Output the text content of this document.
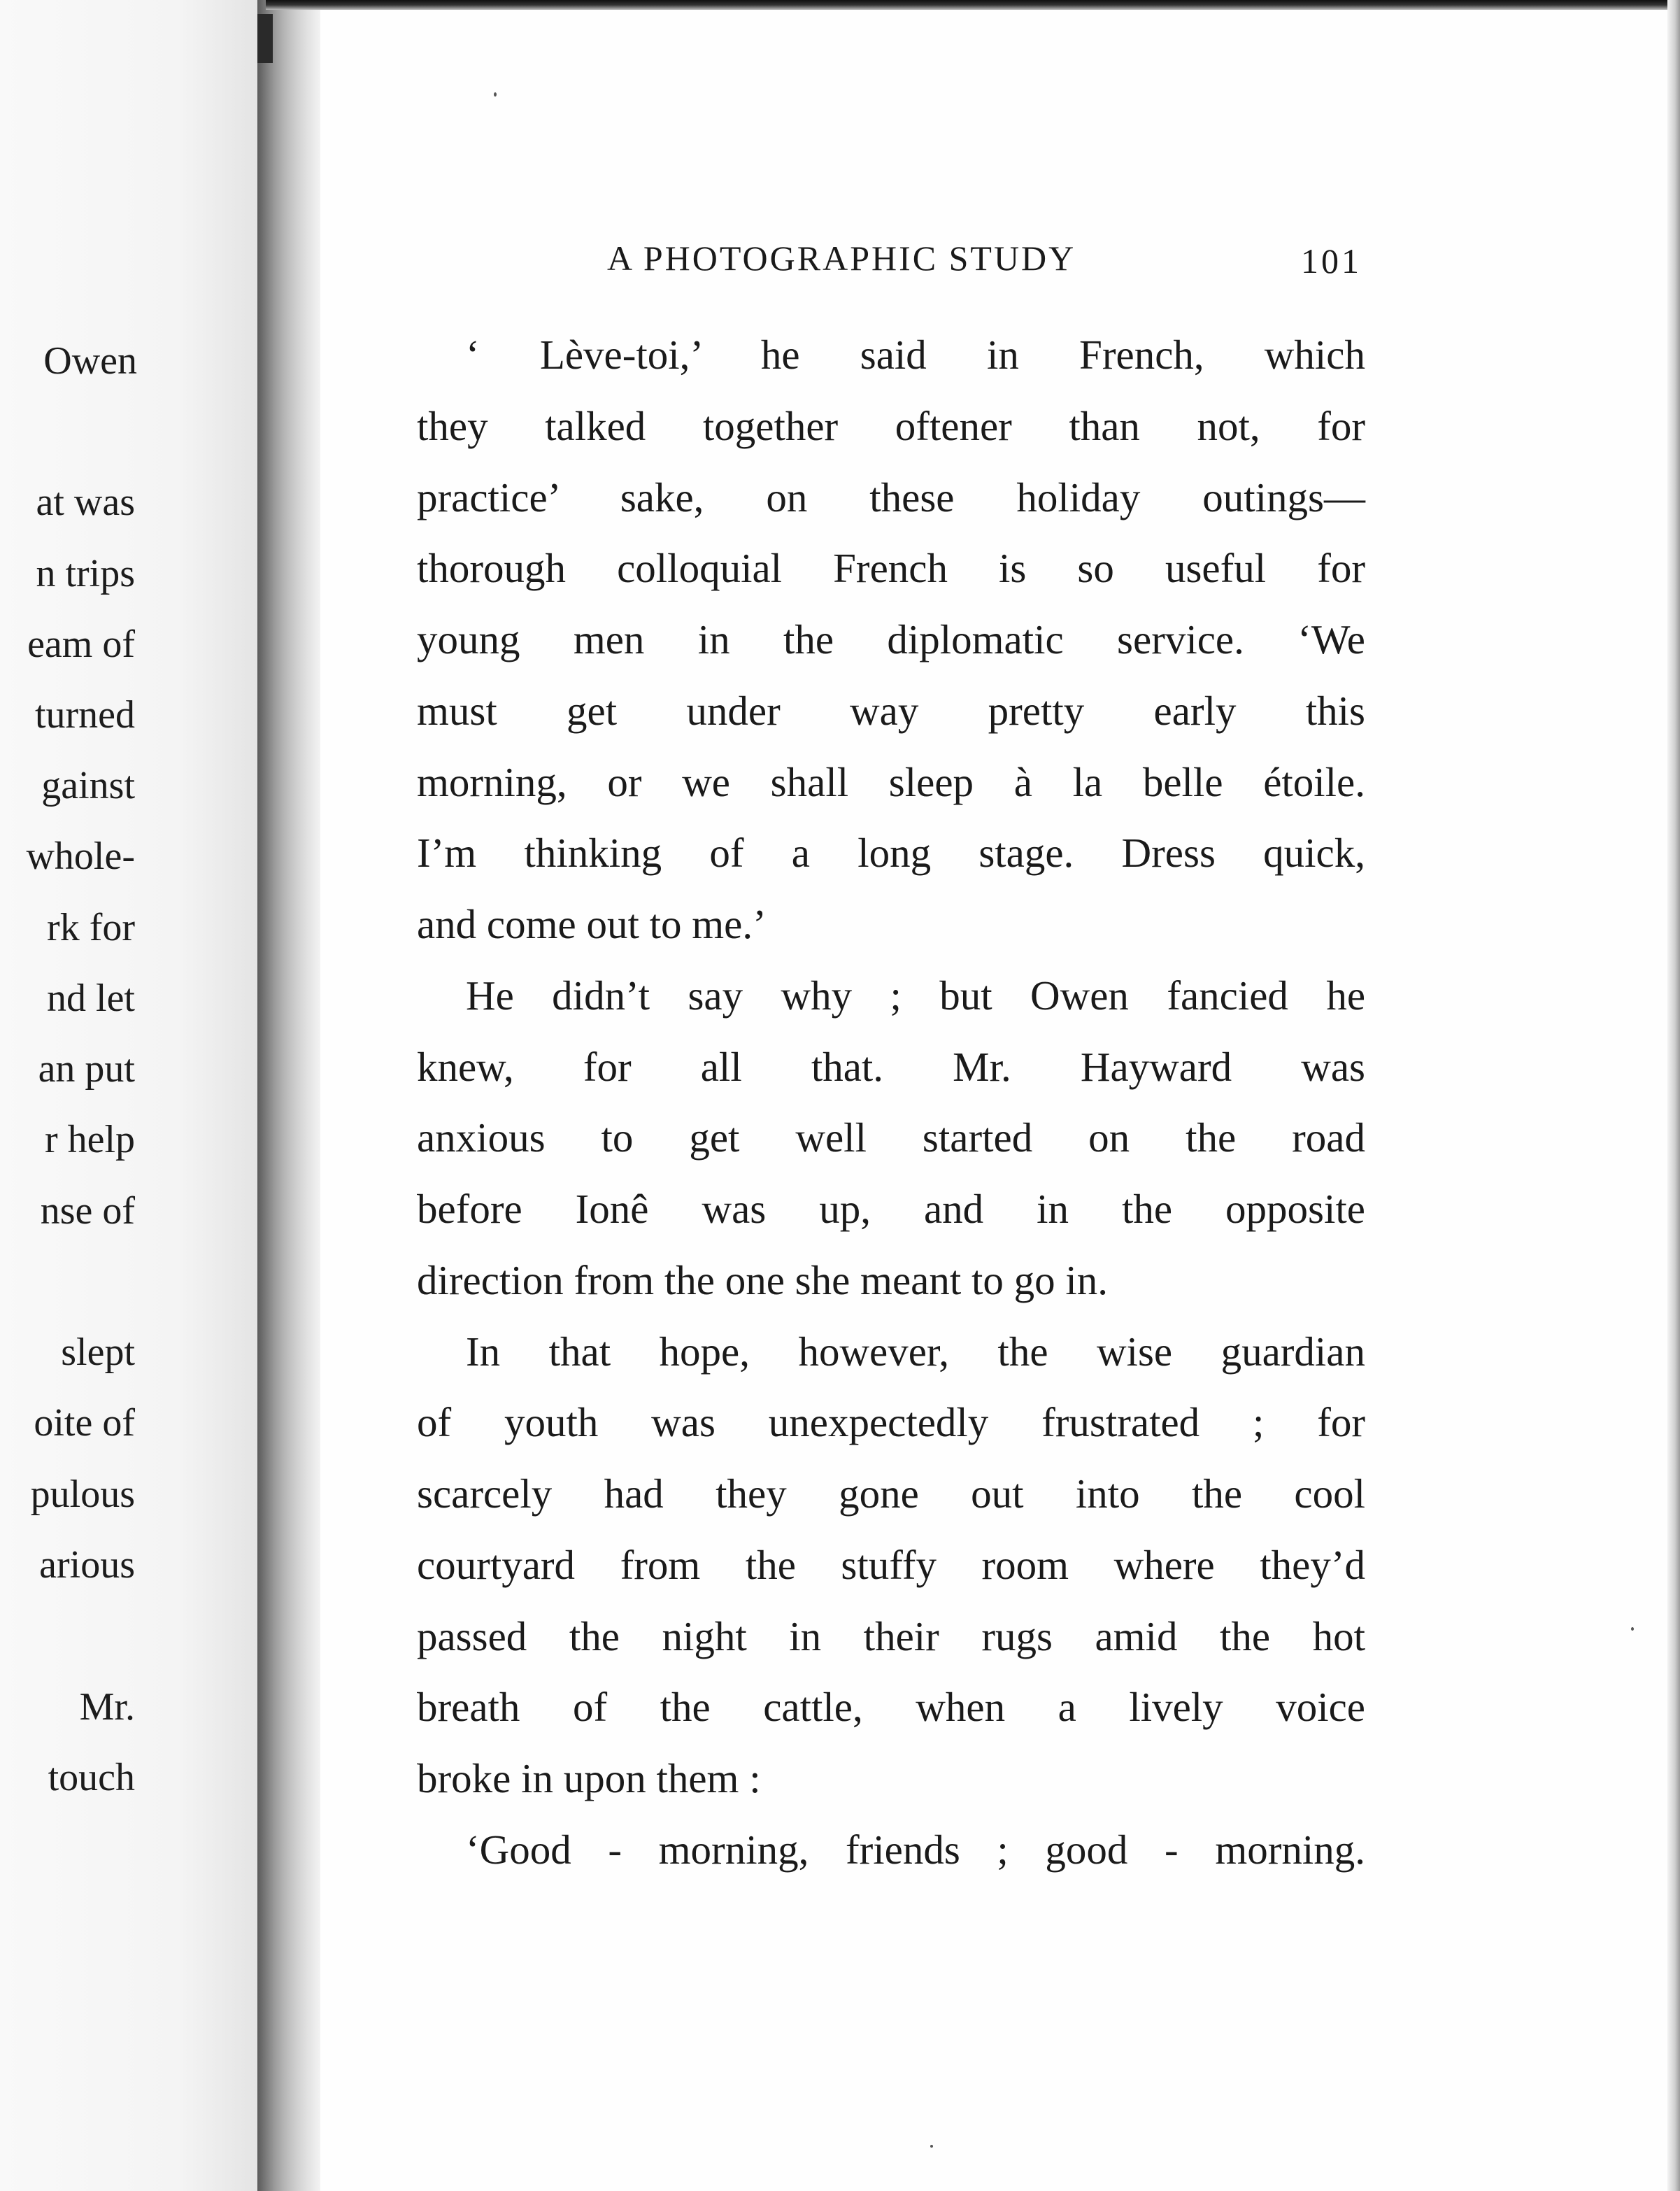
Owen
at was
n trips
eam of
turned
gainst
whole-
rk for
nd let
an put
r help
nse of
slept
oite of
pulous
arious
Mr.
touch
A PHOTOGRAPHIC STUDY	101
‘ Lève-toi,’ he said in French, which
they talked together oftener than not, for
practice’ sake, on these holiday outings—
thorough colloquial French is so useful for
young men in the diplomatic service. ‘We
must get under way pretty early this
morning, or we shall sleep à la belle étoile.
I’m thinking of a long stage. Dress quick,
and come out to me.’
He didn’t say why ; but Owen fancied he
knew, for all that. Mr. Hayward was
anxious to get well started on the road
before Ionê was up, and in the opposite
direction from the one she meant to go in.
In that hope, however, the wise guardian
of youth was unexpectedly frustrated ; for
scarcely had they gone out into the cool
courtyard from the stuffy room where they’d
passed the night in their rugs amid the hot
breath of the cattle, when a lively voice
broke in upon them :
‘Good - morning, friends ; good - morning.
